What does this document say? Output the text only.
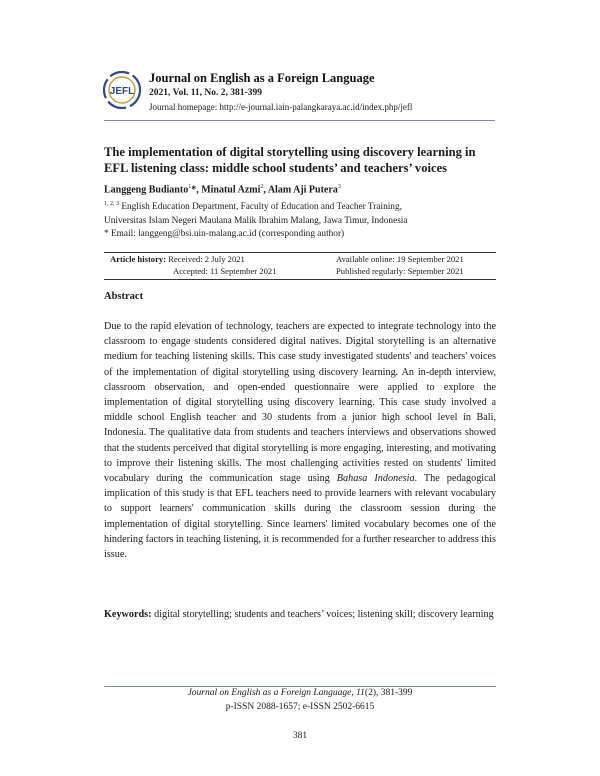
JEFL
Journal on English as a Foreign Language
2021, Vol. 11, No. 2, 381-399
Journal homepage: http://e-journal.iain-palangkaraya.ac.id/index.php/jefl
The implementation of digital storytelling using discovery learning in EFL listening class: middle school students’ and teachers’ voices
Langgeng Budianto$^1$*, Minatul Azmi$^2$, Alam Aji Putera$^3$
$^{1, 2, 3}$ English Education Department, Faculty of Education and Teacher Training,
Universitas Islam Negeri Maulana Malik Ibrahim Malang, Jawa Timur, Indonesia
* Email: langgeng@bsi.uin-malang.ac.id (corresponding author)
Article history: Received: 2 July 2021
Accepted: 11 September 2021
Available online: 19 September 2021
Published regularly: September 2021
Abstract
Due to the rapid elevation of technology, teachers are expected to integrate technology into the classroom to engage students considered digital natives. Digital storytelling is an alternative medium for teaching listening skills. This case study investigated students' and teachers' voices of the implementation of digital storytelling using discovery learning. An in-depth interview, classroom observation, and open-ended questionnaire were applied to explore the implementation of digital storytelling using discovery learning. This case study involved a middle school English teacher and 30 students from a junior high school level in Bali, Indonesia. The qualitative data from students and teachers interviews and observations showed that the students perceived that digital storytelling is more engaging, interesting, and motivating to improve their listening skills. The most challenging activities rested on students' limited vocabulary during the communication stage using Bahasa Indonesia. The pedagogical implication of this study is that EFL teachers need to provide learners with relevant vocabulary to support learners' communication skills during the classroom session during the implementation of digital storytelling. Since learners' limited vocabulary becomes one of the hindering factors in teaching listening, it is recommended for a further researcher to address this issue.
Keywords: digital storytelling; students and teachers’ voices; listening skill; discovery learning
Journal on English as a Foreign Language, 11(2), 381-399
p-ISSN 2088-1657; e-ISSN 2502-6615
381
